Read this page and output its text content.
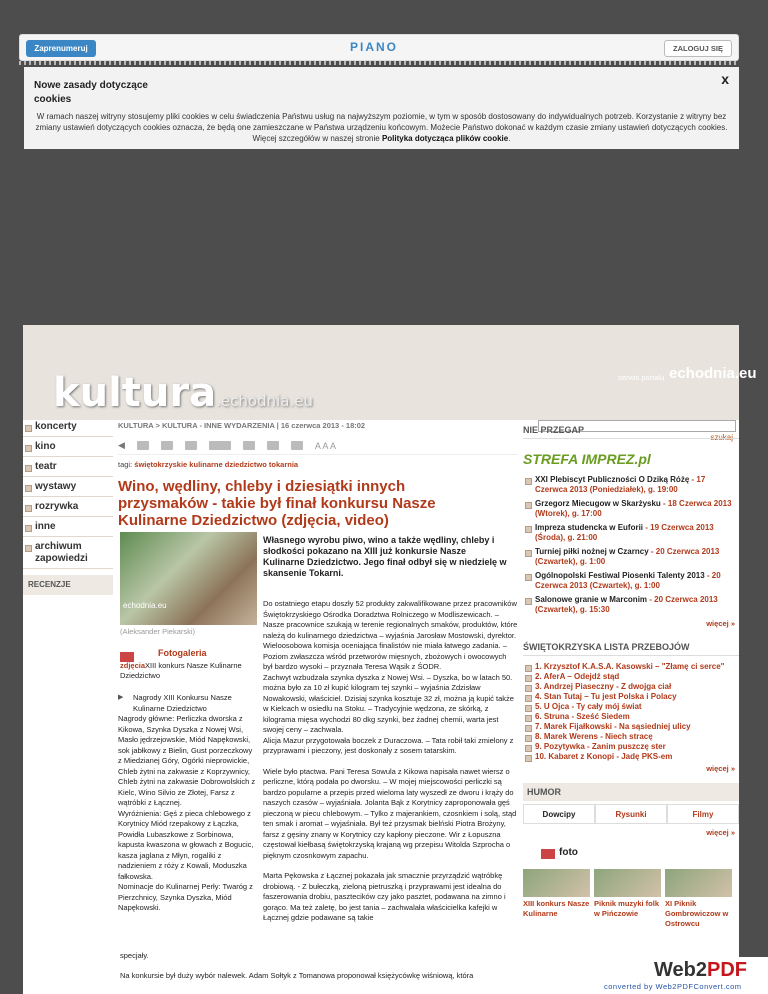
Zaprenumeruj	PIANO	ZALOGUJ SIĘ
Nowe zasady dotyczące cookies
x
W ramach naszej witryny stosujemy pliki cookies w celu świadczenia Państwu usług na najwyższym poziomie, w tym w sposób dostosowany do indywidualnych potrzeb. Korzystanie z witryny bez zmiany ustawień dotyczących cookies oznacza, że będą one zamieszczane w Państwa urządzeniu końcowym. Możecie Państwo dokonać w każdym czasie zmiany ustawień dotyczących cookies. Więcej szczegółów w naszej stronie Polityka dotycząca plików cookie.
kultura.echodnia.eu
serwis portalu echodnia.eu
szukaj
koncerty
kino
teatr
wystawy
rozrywka
inne
archiwum zapowiedzi
RECENZJE
KULTURA > KULTURA - INNE WYDARZENIA | 16 czerwca 2013 - 18:02
◀	A A A
tagi: świętokrzyskie kulinarne dziedzictwo tokarnia
Wino, wędliny, chleby i dziesiątki innych przysmaków - takie był finał konkursu Nasze Kulinarne Dziedzictwo (zdjęcia, video)
echodnia.eu
(Aleksander Piekarski)
Fotogaleria
zdjęciaXIII konkurs Nasze Kulinarne Dziedzictwo
Własnego wyrobu piwo, wino a także wędliny, chleby i słodkości pokazano na XIII już konkursie Nasze Kulinarne Dziedzictwo. Jego finał odbył się w niedzielę w skansenie Tokarni.
▶ Nagrody XIII Konkursu Nasze Kulinarne Dziedzictwo
Nagrody główne: Perliczka dworska z Kikowa, Szynka Dyszka z Nowej Wsi, Masło jędrzejowskie, Miód Napękowski, sok jabłkowy z Bielin, Gust porzeczkowy z Miedzianej Góry, Ogórki nieprowickie, Chleb żytni na zakwasie z Koprzywnicy, Chleb żytni na zakwasie Dobrowolskich z Kielc, Wino Silvio ze Złotej, Farsz z wątróbki z Łącznej.
Wyróżnienia: Gęś z pieca chlebowego z Korytnicy Miód rzepakowy z Łączka, Powidła Lubaszkowe z Sorbinowa, kapusta kwaszona w głowach z Bogucic, kasza jaglana z Młyn, rogaliki z nadzieniem z róży z Kowali, Moduszka fałkowska.
Nominacje do Kulinarnej Perły: Twaróg z Pierzchnicy, Szynka Dyszka, Miód Napękowski.

Do ostatniego etapu doszły 52 produkty zakwalifikowane przez pracowników Świętokrzyskiego Ośrodka Doradztwa Rolniczego w Modliszewicach. – Nasze pracownice szukają w terenie regionalnych smaków, produktów, które należą do kulinarnego dziedzictwa – wyjaśnia Jarosław Mostowski, dyrektor. Wieloosobowa komisja oceniająca finalistów nie miała łatwego zadania. – Poziom zwłaszcza wśród przetworów mięsnych, zbożowych i owocowych był bardzo wysoki – przyznała Teresa Wąsik z ŚODR.

Zachwyt wzbudzała szynka dyszka z Nowej Wsi. – Dyszka, bo w latach 50. można było za 10 zł kupić kilogram tej szynki – wyjaśnia Zdzisław Nowakowski, właściciel. Dzisiaj szynka kosztuje 32 zł, można ją kupić także w Kielcach w osiedlu na Stoku. – Tradycyjnie wędzona, ze skórką, z kilograma mięsa wychodzi 80 dkg szynki, bez żadnej chemii, warta jest swojej ceny – zachwala.

Alicja Mazur przygotowała boczek z Duraczowa. – Tata robił taki zmielony z przyprawami i pieczony, jest doskonały z sosem tatarskim.

Wiele było ptactwa. Pani Teresa Sowula z Kikowa napisała nawet wiersz o perliczne, którą podała po dworsku. – W mojej miejscowości perliczki są bardzo popularne a przepis przed wieloma laty wyszedł ze dworu i krąży do naszych czasów – wyjaśniała. Jolanta Bąk z Korytnicy zaproponowała gęś pieczoną w piecu chlebowym. – Tylko z majerankiem, czosnkiem i solą, stąd ten smak i aromat – wyjaśniała. Był też przysmak bielński Piotra Brożyny, farsz z gęsiny znany w Korytnicy czy kapłony pieczone. Wir z Łopuszna częstował kiełbasą świętokrzyską krajaną wg przepisu Witolda Szprocha o pięknym czosnkowym zapachu.

Marta Pękowska z Łącznej pokazała jak smacznie przyrządzić wątróbkę drobiową. - Z bułeczką, zieloną pietruszką i przyprawami jest idealna do faszerowania drobiu, pasztecików czy jako pasztet, podawana na zimno i gorąco. Ma też zaletę, bo jest tania – zachwalała właścicielka kafejki w Łącznej gdzie podawane są takie

specjały.
Na konkursie był duży wybór nalewek. Adam Sołtyk z Tomanowa proponował księżycówkę wiśniową, która
NIE PRZEGAP
STREFA IMPREZ.pl
XXI Plebiscyt Publiczności O Dziką Różę - 17 Czerwca 2013 (Poniedziałek), g. 19:00
Grzegorz Miecugow w Skarżysku - 18 Czerwca 2013 (Wtorek), g. 17:00
Impreza studencka w Euforii - 19 Czerwca 2013 (Środa), g. 21:00
Turniej piłki nożnej w Czarncy - 20 Czerwca 2013 (Czwartek), g. 1:00
Ogólnopolski Festiwal Piosenki Talenty 2013 - 20 Czerwca 2013 (Czwartek), g. 1:00
Salonowe granie w Marconim - 20 Czerwca 2013 (Czwartek), g. 15:30
więcej »
ŚWIĘTOKRZYSKA LISTA PRZEBOJÓW
1. Krzysztof K.A.S.A. Kasowski – "Złamę ci serce"
2. AferA – Odejdź stąd
3. Andrzej Piaseczny - Z dwojga ciał
4. Stan Tutaj – Tu jest Polska i Polacy
5. U Ojca - Ty cały mój świat
6. Struna - Sześć Siedem
7. Marek Fijałkowski - Na sąsiedniej ulicy
8. Marek Werens - Niech stracę
9. Pozytywka - Zanim puszczę ster
10. Kabaret z Konopi - Jadę PKS-em
więcej »
HUMOR
Dowcipy	Rysunki	Filmy
więcej »
foto
XIII konkurs Nasze Kulinarne
Piknik muzyki folk w Pińczowie
XI Piknik Gombrowiczow w Ostrowcu
Web2PDF
converted by Web2PDFConvert.com
